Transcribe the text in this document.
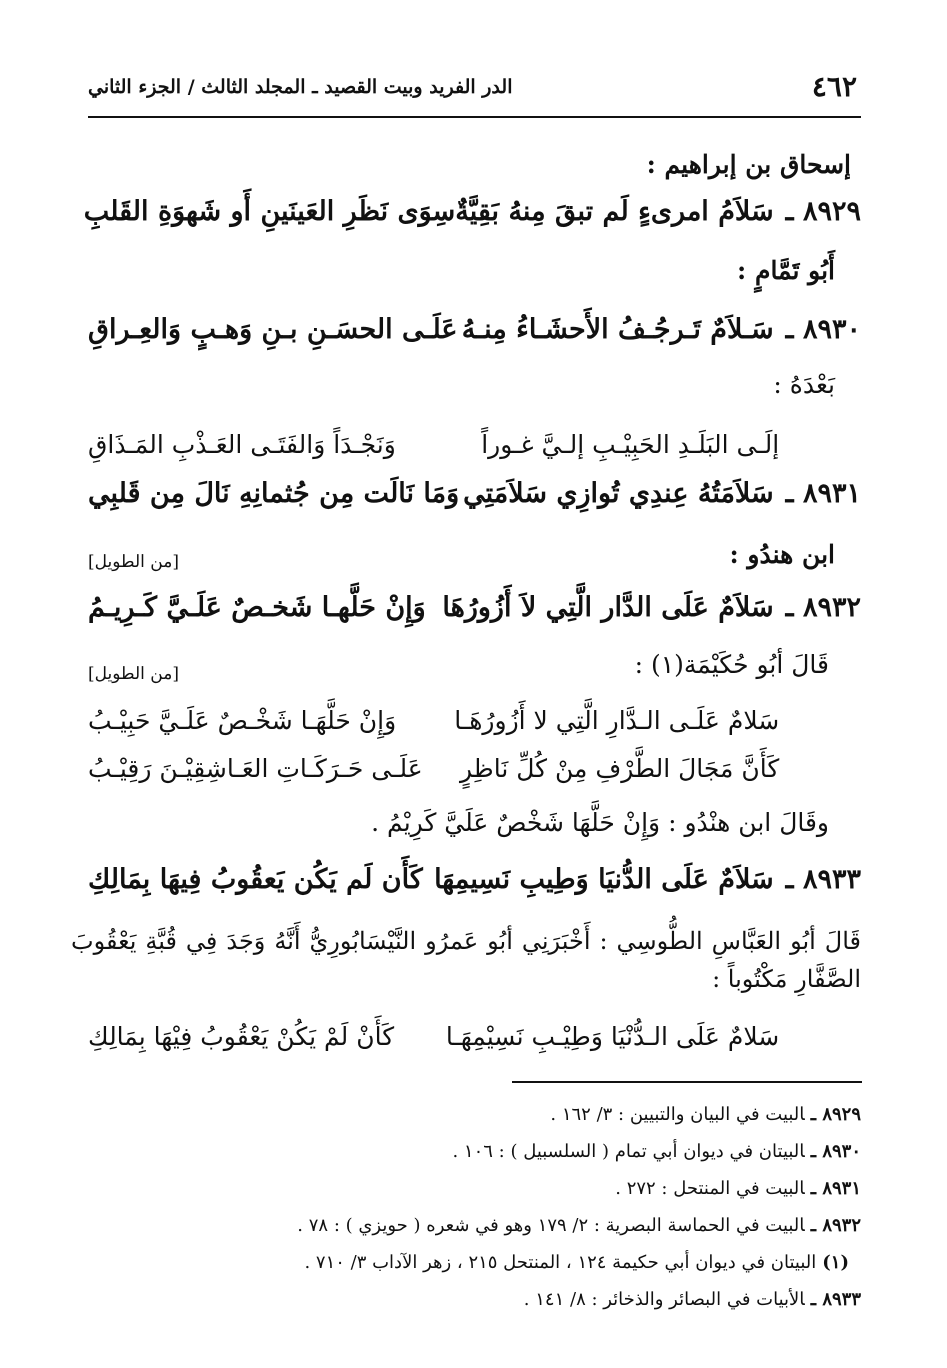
٤٦٢
الدر الفريد وبيت القصيد ـ المجلد الثالث / الجزء الثاني
إسحاق بن إبراهيم :
٨٩٢٩ ـ
سَلاَمُ امرىءٍ لَم تبقَ مِنهُ بَقِيَّةٌ
سِوَى نَظَرِ العَينَينِ أَو شَهوَةِ القَلبِ
أَبُو تَمَّامٍ :
٨٩٣٠ ـ
سَـلاَمٌ تَـرجُـفُ الأَحشَـاءُ مِنـهُ
عَلَـى الحسَـنِ بـنِ وَهـبٍ وَالعِـراقِ
بَعْدَهُ :
إلَـى البَلَـدِ الحَبِيْـبِ إلـيَّ غـوراً
وَنَجْـدَاً وَالفَتَـى العَـذْبِ المَـذَاقِ
٨٩٣١ ـ
سَلاَمَتُهُ عِندِي تُوازِي سَلاَمَتِي
وَمَا نَالَت مِن جُثمانِهِ نَالَ مِن قَلبِي
ابن هندُو :
[من الطويل]
٨٩٣٢ ـ
سَلاَمٌ عَلَى الدَّار الَّتِي لاَ أَزُورُهَا
وَإِنْ حَلَّهـا شَخـصٌ عَلَـيَّ كَـرِيـمُ
قَالَ أبُو حُكَيْمَة(١) :
[من الطويل]
سَلامٌ عَلَـى الـدَّارِ الَّتِي لا أَزُورُهَـا
وَإِنْ حَلَّهَـا شَخْـصٌ عَلَـيَّ حَبِيْـبُ
كَأَنَّ مَجَالَ الطَّرْفِ مِنْ كُلِّ نَاظِرٍ
عَلَـى حَـرَكَـاتِ العَـاشِقِيْـنَ رَقِيْـبُ
وقَالَ ابن هنْدُو : وَإِنْ حَلَّهَا شَخْصٌ عَلَيَّ كَرِيْمُ .
٨٩٣٣ ـ
سَلاَمٌ عَلَى الدُّنيَا وَطِيبِ نَسِيمِهَا
كَأَن لَم يَكُن يَعقُوبُ فِيهَا بِمَالِكِ
قَالَ أبُو العَبَّاسِ الطُّوسِي : أَخْبَرَنِي أبُو عَمرُو النَّيْسَابُورِيُّ أَنَّهُ وَجَدَ فِي قُبَّةِ يَعْقُوبَ الصَّفَّارِ مَكْتُوباً :
سَلامٌ عَلَى الـدُّنْيَا وَطِيْـبِ نَسِيْمِهَـا
كَأَنْ لَمْ يَكُنْ يَعْقُوبُ فِيْهَا بِمَالِكِ
٨٩٢٩ ـالبيت في البيان والتبيين : ٣/ ١٦٢ .
٨٩٣٠ ـالبيتان في ديوان أبي تمام ( السلسبيل ) : ١٠٦ .
٨٩٣١ ـالبيت في المنتحل : ٢٧٢ .
٨٩٣٢ ـالبيت في الحماسة البصرية : ٢/ ١٧٩ وهو في شعره ( حويزي ) : ٧٨ .
(١)البيتان في ديوان أبي حكيمة ١٢٤ ، المنتحل ٢١٥ ، زهر الآداب ٣/ ٧١٠ .
٨٩٣٣ ـالأبيات في البصائر والذخائر : ٨/ ١٤١ .
